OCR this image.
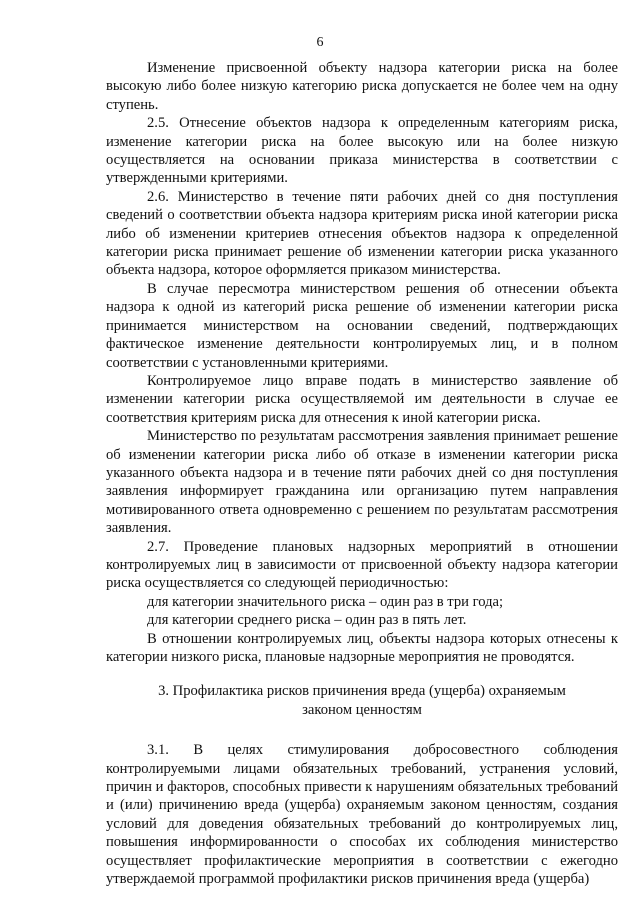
6

Изменение присвоенной объекту надзора категории риска на более высокую либо более низкую категорию риска допускается не более чем на одну ступень.

2.5. Отнесение объектов надзора к определенным категориям риска, изменение категории риска на более высокую или на более низкую осуществляется на основании приказа министерства в соответствии с утвержденными критериями.

2.6. Министерство в течение пяти рабочих дней со дня поступления сведений о соответствии объекта надзора критериям риска иной категории риска либо об изменении критериев отнесения объектов надзора к определенной категории риска принимает решение об изменении категории риска указанного объекта надзора, которое оформляется приказом министерства.

В случае пересмотра министерством решения об отнесении объекта надзора к одной из категорий риска решение об изменении категории риска принимается министерством на основании сведений, подтверждающих фактическое изменение деятельности контролируемых лиц, и в полном соответствии с установленными критериями.

Контролируемое лицо вправе подать в министерство заявление об изменении категории риска осуществляемой им деятельности в случае ее соответствия критериям риска для отнесения к иной категории риска.

Министерство по результатам рассмотрения заявления принимает решение об изменении категории риска либо об отказе в изменении категории риска указанного объекта надзора и в течение пяти рабочих дней со дня поступления заявления информирует гражданина или организацию путем направления мотивированного ответа одновременно с решением по результатам рассмотрения заявления.

2.7. Проведение плановых надзорных мероприятий в отношении контролируемых лиц в зависимости от присвоенной объекту надзора категории риска осуществляется со следующей периодичностью:

для категории значительного риска – один раз в три года;

для категории среднего риска – один раз в пять лет.

В отношении контролируемых лиц, объекты надзора которых отнесены к категории низкого риска, плановые надзорные мероприятия не проводятся.

3. Профилактика рисков причинения вреда (ущерба) охраняемым законом ценностям

3.1. В целях стимулирования добросовестного соблюдения контролируемыми лицами обязательных требований, устранения условий, причин и факторов, способных привести к нарушениям обязательных требований и (или) причинению вреда (ущерба) охраняемым законом ценностям, создания условий для доведения обязательных требований до контролируемых лиц, повышения информированности о способах их соблюдения министерство осуществляет профилактические мероприятия в соответствии с ежегодно утверждаемой программой профилактики рисков причинения вреда (ущерба)
